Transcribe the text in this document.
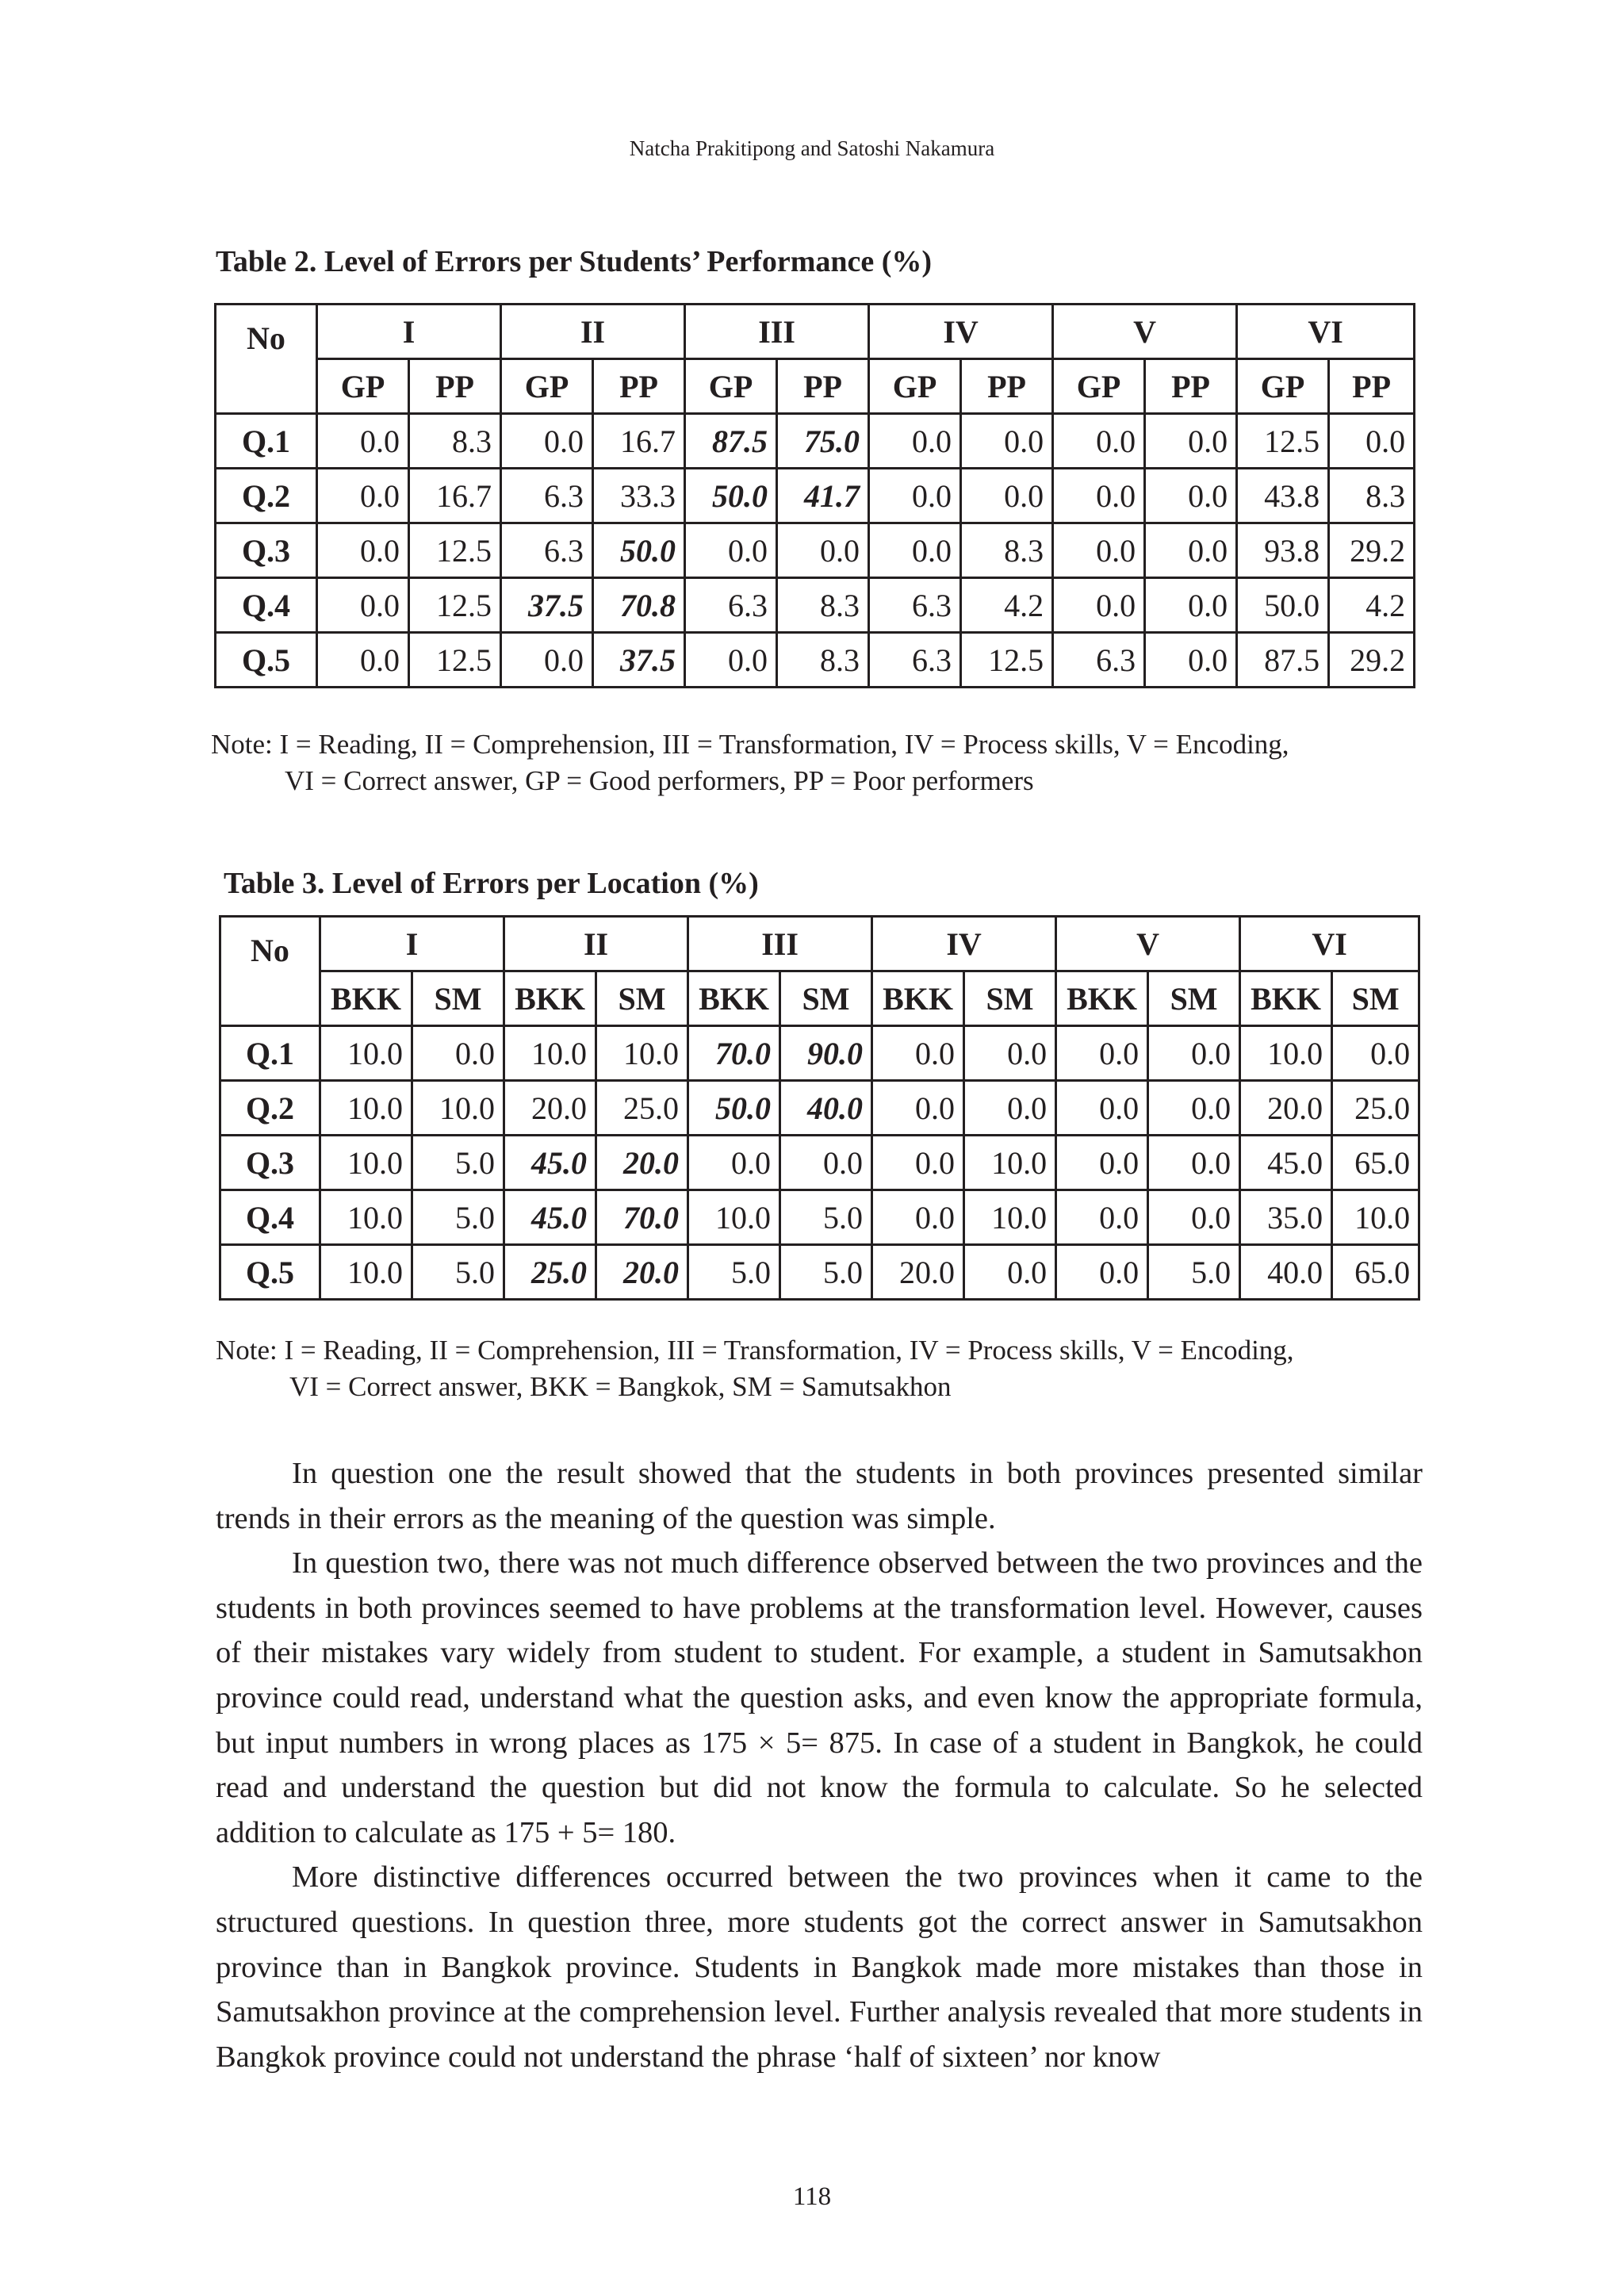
Natcha Prakitipong and Satoshi Nakamura
Table 2. Level of Errors per Students’ Performance (%)
No	I		II		III		IV		V		VI	
	GP	PP	GP	PP	GP	PP	GP	PP	GP	PP	GP	PP
Q.1	0.0	8.3	0.0	16.7	87.5	75.0	0.0	0.0	0.0	0.0	12.5	0.0
Q.2	0.0	16.7	6.3	33.3	50.0	41.7	0.0	0.0	0.0	0.0	43.8	8.3
Q.3	0.0	12.5	6.3	50.0	0.0	0.0	0.0	8.3	0.0	0.0	93.8	29.2
Q.4	0.0	12.5	37.5	70.8	6.3	8.3	6.3	4.2	0.0	0.0	50.0	4.2
Q.5	0.0	12.5	0.0	37.5	0.0	8.3	6.3	12.5	6.3	0.0	87.5	29.2
Note: I = Reading, II = Comprehension, III = Transformation, IV = Process skills, V = Encoding,
VI = Correct answer, GP = Good performers, PP = Poor performers
Table 3. Level of Errors per Location (%)
No	I		II		III		IV		V		VI	
	BKK	SM	BKK	SM	BKK	SM	BKK	SM	BKK	SM	BKK	SM
Q.1	10.0	0.0	10.0	10.0	70.0	90.0	0.0	0.0	0.0	0.0	10.0	0.0
Q.2	10.0	10.0	20.0	25.0	50.0	40.0	0.0	0.0	0.0	0.0	20.0	25.0
Q.3	10.0	5.0	45.0	20.0	0.0	0.0	0.0	10.0	0.0	0.0	45.0	65.0
Q.4	10.0	5.0	45.0	70.0	10.0	5.0	0.0	10.0	0.0	0.0	35.0	10.0
Q.5	10.0	5.0	25.0	20.0	5.0	5.0	20.0	0.0	0.0	5.0	40.0	65.0
Note: I = Reading, II = Comprehension, III = Transformation, IV = Process skills, V = Encoding,
VI = Correct answer, BKK = Bangkok, SM = Samutsakhon

In question one the result showed that the students in both provinces presented similar trends in their errors as the meaning of the question was simple.

In question two, there was not much difference observed between the two provinces and the students in both provinces seemed to have problems at the transformation level. However, causes of their mistakes vary widely from student to student. For example, a student in Samutsakhon province could read, understand what the question asks, and even know the appropriate formula, but input numbers in wrong places as 175 × 5= 875. In case of a student in Bangkok, he could read and understand the question but did not know the formula to calculate. So he selected addition to calculate as 175 + 5= 180.

More distinctive differences occurred between the two provinces when it came to the structured questions. In question three, more students got the correct answer in Samutsakhon province than in Bangkok province. Students in Bangkok made more mistakes than those in Samutsakhon province at the comprehension level. Further analysis revealed that more students in Bangkok province could not understand the phrase ‘half of sixteen’ nor know

118
